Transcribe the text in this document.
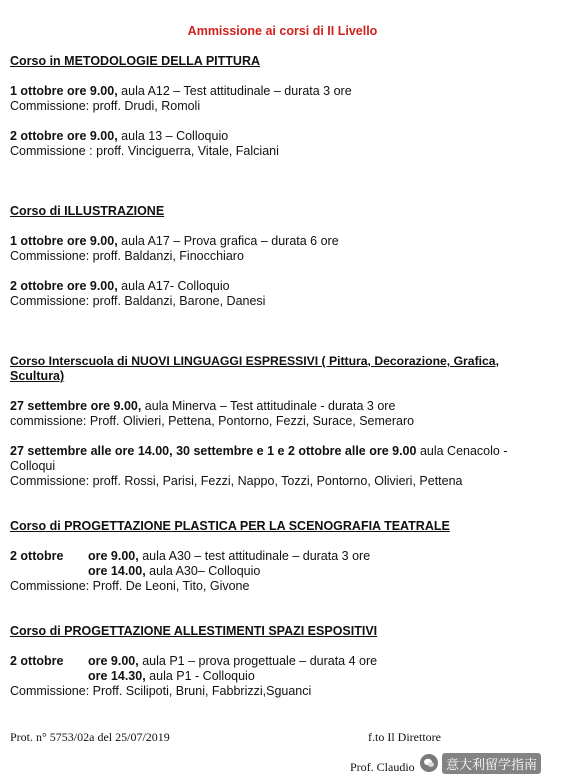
Ammissione ai corsi di II Livello
Corso in METODOLOGIE DELLA PITTURA
1 ottobre ore 9.00, aula A12 – Test attitudinale – durata 3 ore
Commissione: proff. Drudi, Romoli
2 ottobre ore 9.00, aula 13 – Colloquio
Commissione : proff. Vinciguerra, Vitale, Falciani
Corso di ILLUSTRAZIONE
1 ottobre ore 9.00, aula A17 – Prova grafica – durata 6 ore
Commissione: proff. Baldanzi, Finocchiaro
2 ottobre ore 9.00, aula A17- Colloquio
Commissione: proff. Baldanzi, Barone, Danesi
Corso Interscuola di NUOVI LINGUAGGI ESPRESSIVI ( Pittura, Decorazione, Grafica,
Scultura)
27 settembre ore 9.00, aula Minerva – Test attitudinale - durata 3 ore
commissione: Proff. Olivieri, Pettena, Pontorno, Fezzi, Surace, Semeraro
27 settembre alle ore 14.00, 30 settembre e 1 e 2 ottobre alle ore 9.00 aula Cenacolo -
Colloqui
Commissione: proff. Rossi, Parisi, Fezzi, Nappo, Tozzi, Pontorno, Olivieri, Pettena
Corso di PROGETTAZIONE PLASTICA PER LA SCENOGRAFIA TEATRALE
2 ottobre ore 9.00, aula A30 – test attitudinale – durata 3 ore
ore 14.00, aula A30– Colloquio
Commissione: Proff. De Leoni, Tito, Givone
Corso di PROGETTAZIONE ALLESTIMENTI SPAZI ESPOSITIVI
2 ottobre ore 9.00, aula P1 – prova progettuale – durata 4 ore
ore 14.30, aula P1 - Colloquio
Commissione: Proff. Scilipoti, Bruni, Fabbrizzi,Sguanci
Prot. n° 5753/02a del 25/07/2019	f.to Il Direttore
Prof. Claudio	意大利留学指南
